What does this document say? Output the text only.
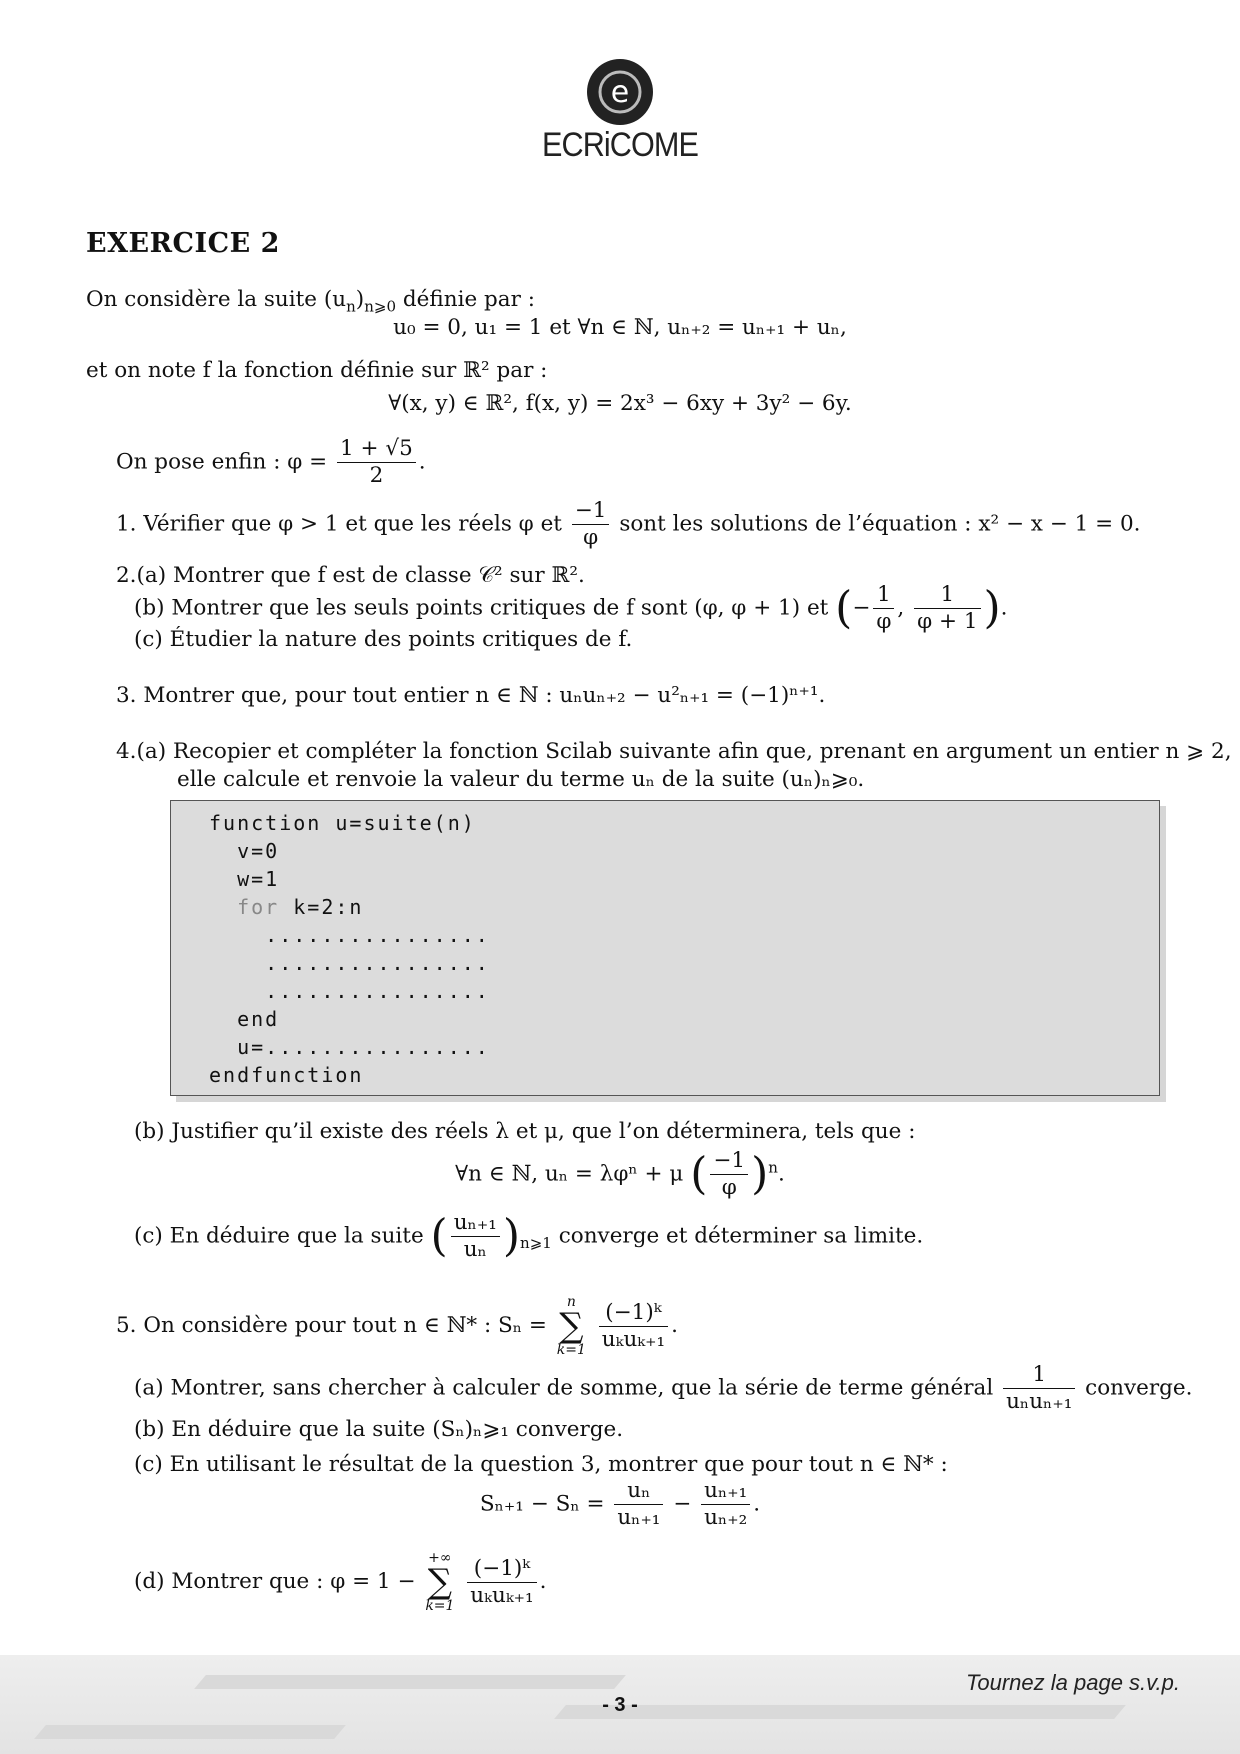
e
ECRiCOME
EXERCICE 2
On considère la suite $(u_n)_{n⩾0}$ définie par :
u₀ = 0, u₁ = 1 et ∀n ∈ ℕ, uₙ₊₂ = uₙ₊₁ + uₙ,
et on note f la fonction définie sur ℝ² par :
∀(x, y) ∈ ℝ², f(x, y) = 2x³ − 6xy + 3y² − 6y.
On pose enfin : $\varphi = \frac{1 + √5}{2}$ .
1. Vérifier que φ > 1 et que les réels φ et $\frac{-1}{\varphi}$ sont les solutions de l’équation : x² − x − 1 = 0.
2.(a) Montrer que f est de classe 𝒞² sur ℝ².
(b) Montrer que les seuls points critiques de f sont (φ, φ + 1) et (− $\frac{1}{\varphi}$ , $\frac{1}{\varphi + 1}$ ).
(c) Étudier la nature des points critiques de f.
3. Montrer que, pour tout entier n ∈ ℕ : uₙuₙ₊₂ − u²ₙ₊₁ = (−1)ⁿ⁺¹.
4.(a) Recopier et compléter la fonction Scilab suivante afin que, prenant en argument un entier n ⩾ 2,
elle calcule et renvoie la valeur du terme uₙ de la suite (uₙ)ₙ⩾₀.
function u=suite(n)
v=0
w=1
for k=2:n
................
................
................
end
u=................
endfunction
(b) Justifier qu’il existe des réels λ et μ, que l’on déterminera, tels que :
∀n ∈ ℕ, uₙ = λφⁿ + μ ( $\frac{-1}{\varphi} )^n$.
(c) En déduire que la suite ( $\frac{\text{uₙ₊₁}}{\text{uₙ}} )_{n⩾1}$ converge et déterminer sa limite.
5. On considère pour tout n ∈ ℕ* : Sₙ =
n
∑
k=1
$\frac{\text{(−1)ᵏ}}{\text{uₖuₖ₊₁}}$ .
(a) Montrer, sans chercher à calculer de somme, que la série de terme général $\frac{1}{\text{uₙuₙ₊₁}}$ converge.
(b) En déduire que la suite (Sₙ)ₙ⩾₁ converge.
(c) En utilisant le résultat de la question 3, montrer que pour tout n ∈ ℕ* :
$S_{n+1} - S_n = \frac{\text{uₙ}}{\text{uₙ₊₁}} - \frac{\text{uₙ₊₁}}{\text{uₙ₊₂}}$ .
(d) Montrer que : φ = 1 −
+∞
∑
k=1
$\frac{\text{(−1)ᵏ}}{\text{uₖuₖ₊₁}}$ .
Tournez la page s.v.p.
- 3 -
